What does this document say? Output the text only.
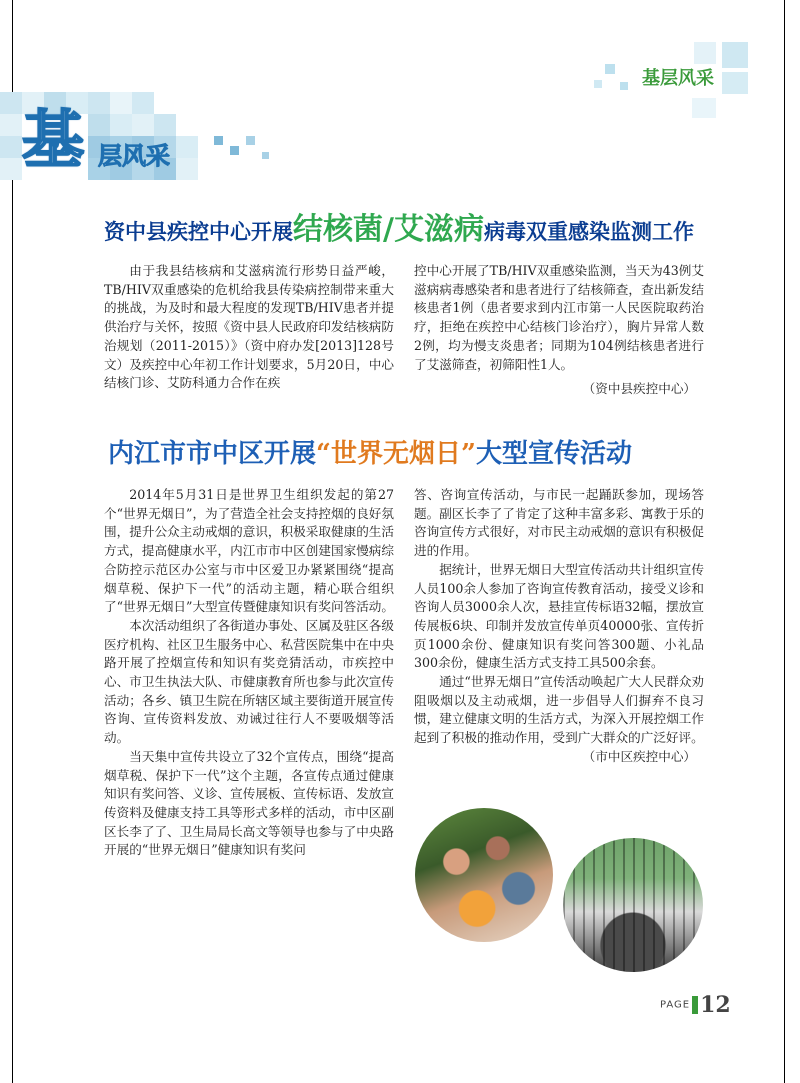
基层风采
基 层风采
资中县疾控中心开展结核菌/艾滋病病毒双重感染监测工作

由于我县结核病和艾滋病流行形势日益严峻，TB/HIV双重感染的危机给我县传染病控制带来重大的挑战，为及时和最大程度的发现TB/HIV患者并提供治疗与关怀，按照《资中县人民政府印发结核病防治规划（2011-2015）》（资中府办发[2013]128号文）及疾控中心年初工作计划要求，5月20日，中心结核门诊、艾防科通力合作在疾

控中心开展了TB/HIV双重感染监测，当天为43例艾滋病病毒感染者和患者进行了结核筛查，查出新发结核患者1例（患者要求到内江市第一人民医院取药治疗，拒绝在疾控中心结核门诊治疗），胸片异常人数2例，均为慢支炎患者；同期为104例结核患者进行了艾滋筛查，初筛阳性1人。

（资中县疾控中心）

内江市市中区开展“世界无烟日”大型宣传活动

2014年5月31日是世界卫生组织发起的第27个“世界无烟日”，为了营造全社会支持控烟的良好氛围，提升公众主动戒烟的意识，积极采取健康的生活方式，提高健康水平，内江市市中区创建国家慢病综合防控示范区办公室与市中区爱卫办紧紧围绕“提高烟草税、保护下一代”的活动主题，精心联合组织了“世界无烟日”大型宣传暨健康知识有奖问答活动。

本次活动组织了各街道办事处、区属及驻区各级医疗机构、社区卫生服务中心、私营医院集中在中央路开展了控烟宣传和知识有奖竞猜活动，市疾控中心、市卫生执法大队、市健康教育所也参与此次宣传活动；各乡、镇卫生院在所辖区域主要街道开展宣传咨询、宣传资料发放、劝诫过往行人不要吸烟等活动。

当天集中宣传共设立了32个宣传点，围绕“提高烟草税、保护下一代”这个主题，各宣传点通过健康知识有奖问答、义诊、宣传展板、宣传标语、发放宣传资料及健康支持工具等形式多样的活动，市中区副区长李了了、卫生局局长高文等领导也参与了中央路开展的“世界无烟日”健康知识有奖问

答、咨询宣传活动，与市民一起踊跃参加，现场答题。副区长李了了肯定了这种丰富多彩、寓教于乐的咨询宣传方式很好，对市民主动戒烟的意识有积极促进的作用。

据统计，世界无烟日大型宣传活动共计组织宣传人员100余人参加了咨询宣传教育活动，接受义诊和咨询人员3000余人次，悬挂宣传标语32幅，摆放宣传展板6块、印制并发放宣传单页40000张、宣传折页1000余份、健康知识有奖问答300题、小礼品300余份，健康生活方式支持工具500余套。

通过“世界无烟日”宣传活动唤起广大人民群众劝阻吸烟以及主动戒烟，进一步倡导人们摒弃不良习惯，建立健康文明的生活方式，为深入开展控烟工作起到了积极的推动作用，受到广大群众的广泛好评。

（市中区疾控中心）

PAGE 12
